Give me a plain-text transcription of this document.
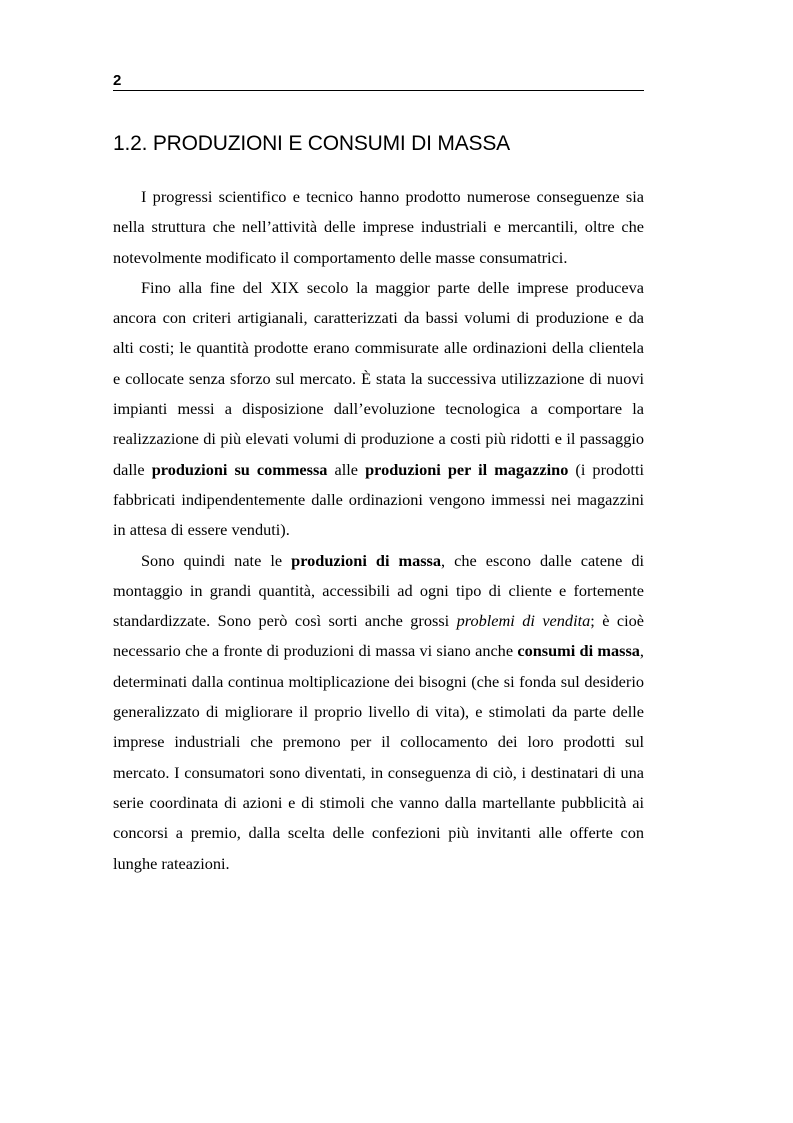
2
1.2. PRODUZIONI E CONSUMI DI MASSA

I progressi scientifico e tecnico hanno prodotto numerose conseguenze sia nella struttura che nell’attività delle imprese industriali e mercantili, oltre che notevolmente modificato il comportamento delle masse consumatrici.

Fino alla fine del XIX secolo la maggior parte delle imprese produceva ancora con criteri artigianali, caratterizzati da bassi volumi di produzione e da alti costi; le quantità prodotte erano commisurate alle ordinazioni della clientela e collocate senza sforzo sul mercato. È stata la successiva utilizzazione di nuovi impianti messi a disposizione dall’evoluzione tecnologica a comportare la realizzazione di più elevati volumi di produzione a costi più ridotti e il passaggio dalle produzioni su commessa alle produzioni per il magazzino (i prodotti fabbricati indipendentemente dalle ordinazioni vengono immessi nei magazzini in attesa di essere venduti).

Sono quindi nate le produzioni di massa, che escono dalle catene di montaggio in grandi quantità, accessibili ad ogni tipo di cliente e fortemente standardizzate. Sono però così sorti anche grossi problemi di vendita; è cioè necessario che a fronte di produzioni di massa vi siano anche consumi di massa, determinati dalla continua moltiplicazione dei bisogni (che si fonda sul desiderio generalizzato di migliorare il proprio livello di vita), e stimolati da parte delle imprese industriali che premono per il collocamento dei loro prodotti sul mercato. I consumatori sono diventati, in conseguenza di ciò, i destinatari di una serie coordinata di azioni e di stimoli che vanno dalla martellante pubblicità ai concorsi a premio, dalla scelta delle confezioni più invitanti alle offerte con lunghe rateazioni.
